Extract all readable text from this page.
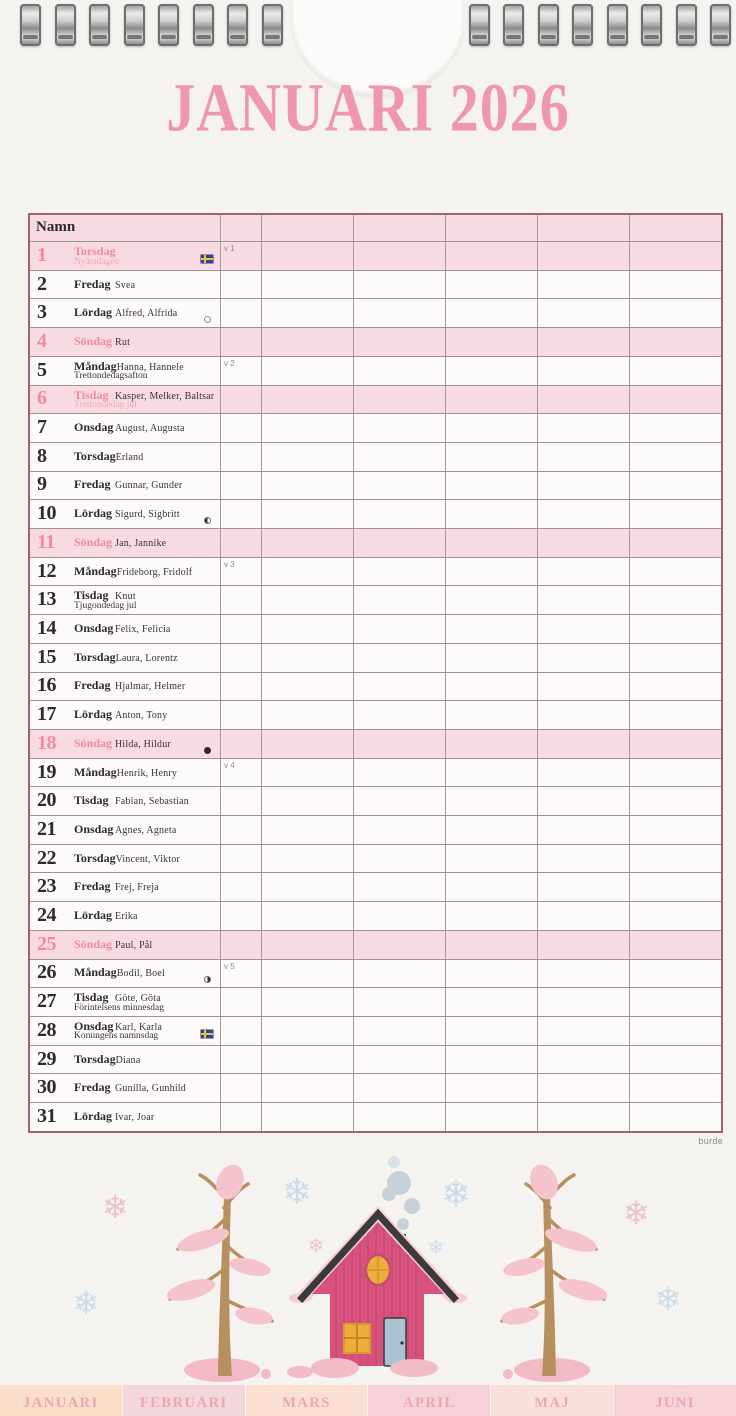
JANUARI 2026
Namn
1 Torsdag
Nyårsdagen
v 1
2 Fredag Svea
3 Lördag Alfred, Alfrida
4 Söndag Rut
5 Måndag Hanna, Hannele
Trettondedagsafton
v 2
6 Tisdag Kasper, Melker, Baltsar
Trettondedag jul
7 Onsdag August, Augusta
8 Torsdag Erland
9 Fredag Gunnar, Gunder
10 Lördag Sigurd, Sigbritt
11 Söndag Jan, Jannike
12 Måndag Frideborg, Fridolf
v 3
13 Tisdag Knut
Tjugondedag jul
14 Onsdag Felix, Felicia
15 Torsdag Laura, Lorentz
16 Fredag Hjalmar, Helmer
17 Lördag Anton, Tony
18 Söndag Hilda, Hildur
19 Måndag Henrik, Henry
v 4
20 Tisdag Fabian, Sebastian
21 Onsdag Agnes, Agneta
22 Torsdag Vincent, Viktor
23 Fredag Frej, Freja
24 Lördag Erika
25 Söndag Paul, Pål
26 Måndag Bodil, Boel
v 5
27 Tisdag Göte, Göta
Förintelsens minnesdag
28 Onsdag Karl, Karla
Konungens namnsdag
29 Torsdag Diana
30 Fredag Gunilla, Gunhild
31 Lördag Ivar, Joar
burde
❄	❄	❄	❄
❄	❄
❄	❄
JANUARI	FEBRUARI	MARS	APRIL	MAJ	JUNI
